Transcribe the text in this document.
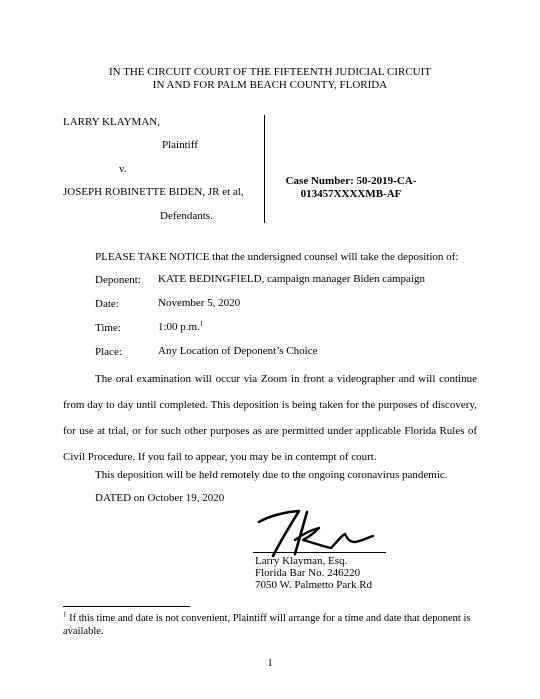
IN THE CIRCUIT COURT OF THE FIFTEENTH JUDICIAL CIRCUIT
IN AND FOR PALM BEACH COUNTY, FLORIDA
LARRY KLAYMAN,
Plaintiff
v.
JOSEPH ROBINETTE BIDEN, JR et al,
Defendants.
Case Number: 50-2019-CA-
013457XXXXMB-AF
PLEASE TAKE NOTICE that the undersigned counsel will take the deposition of:
Deponent: KATE BEDINGFIELD, campaign manager Biden campaign
Date:	November 5, 2020
Time:	1:00 p.m.$^1$
Place:	Any Location of Deponent’s Choice
The oral examination will occur via Zoom in front a videographer and will continue from day to day until completed. This deposition is being taken for the purposes of discovery, for use at trial, or for such other purposes as are permitted under applicable Florida Rules of Civil Procedure. If you fail to appear, you may be in contempt of court.
This deposition will be held remotely due to the ongoing coronavirus pandemic.
DATED on October 19, 2020
Larry Klayman, Esq.
Florida Bar No. 246220
7050 W. Palmetto Park Rd
$^1$ If this time and date is not convenient, Plaintiff will arrange for a time and date that deponent is available.
1
